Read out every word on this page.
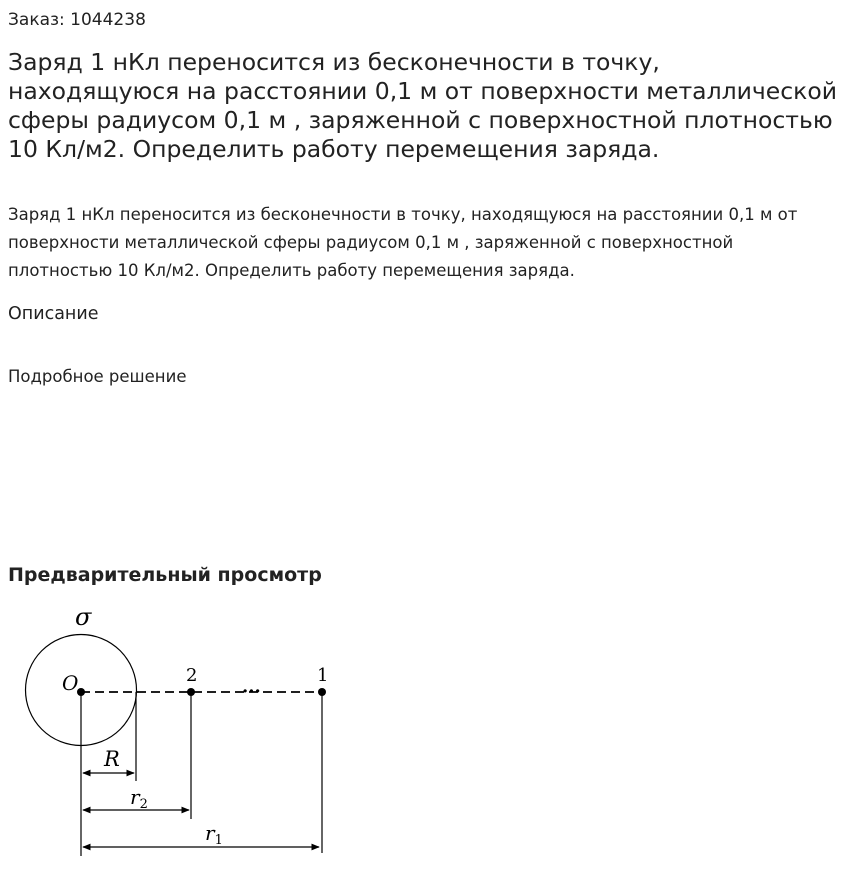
Заказ: 1044238
Заряд 1 нКл переносится из бесконечности в точку, находящуюся на расстоянии 0,1 м от поверхности металлической сферы радиусом 0,1 м , заряженной с поверхностной плотностью 10 Кл/м2. Определить работу перемещения заряда.

Заряд 1 нКл переносится из бесконечности в точку, находящуюся на расстоянии 0,1 м от поверхности металлической сферы радиусом 0,1 м , заряженной с поверхностной плотностью 10 Кл/м2. Определить работу перемещения заряда.

Описание
Подробное решение
Предварительный просмотр
σ
O	2	1
···
R
$r_2$
$r_1$
